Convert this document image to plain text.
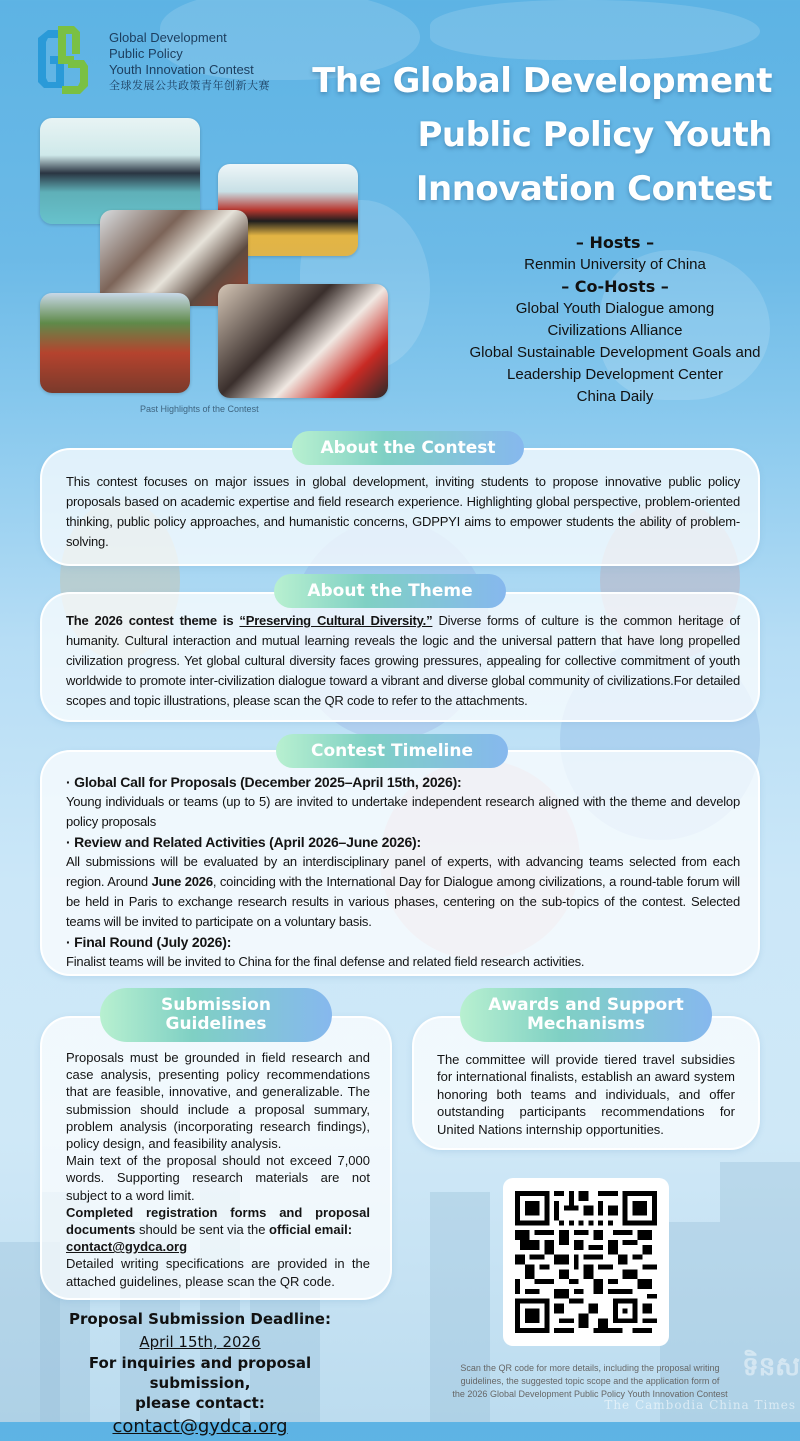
Global Development
Public Policy
Youth Innovation Contest
全球发展公共政策青年创新大赛 The Global Development
Public Policy Youth
Innovation Contest
Past Highlights of the Contest
– Hosts –
Renmin University of China
– Co-Hosts –
Global Youth Dialogue among
Civilizations Alliance
Global Sustainable Development Goals and
Leadership Development Center
China Daily
About the Contest
This contest focuses on major issues in global development, inviting students to propose innovative public policy proposals based on academic expertise and field research experience. Highlighting global perspective, problem-oriented thinking, public policy approaches, and humanistic concerns, GDPPYI aims to empower students the ability of problem-solving.
About the Theme
The 2026 contest theme is “Preserving Cultural Diversity.” Diverse forms of culture is the common heritage of humanity. Cultural interaction and mutual learning reveals the logic and the universal pattern that have long propelled civilization progress. Yet global cultural diversity faces growing pressures, appealing for collective commitment of youth worldwide to promote inter-civilization dialogue toward a vibrant and diverse global community of civilizations.For detailed scopes and topic illustrations, please scan the QR code to refer to the attachments.
Contest Timeline
· Global Call for Proposals (December 2025–April 15th, 2026):
Young individuals or teams (up to 5) are invited to undertake independent research aligned with the theme and develop policy proposals
· Review and Related Activities (April 2026–June 2026):
All submissions will be evaluated by an interdisciplinary panel of experts, with advancing teams selected from each region. Around June 2026, coinciding with the International Day for Dialogue among civilizations, a round-table forum will be held in Paris to exchange research results in various phases, centering on the sub-topics of the contest. Selected teams will be invited to participate on a voluntary basis.
· Final Round (July 2026):
Finalist teams will be invited to China for the final defense and related field research activities.
Submission
Guidelines
Proposals must be grounded in field research and case analysis, presenting policy recommendations that are feasible, innovative, and generalizable. The submission should include a proposal summary, problem analysis (incorporating research findings), policy design, and feasibility analysis.
Main text of the proposal should not exceed 7,000 words. Supporting research materials are not subject to a word limit.
Completed registration forms and proposal documents should be sent via the official email:
contact@gydca.org
Detailed writing specifications are provided in the attached guidelines, please scan the QR code.
Awards and Support
Mechanisms
The committee will provide tiered travel subsidies for international finalists, establish an award system honoring both teams and individuals, and offer outstanding participants recommendations for United Nations internship opportunities.
Proposal Submission Deadline:
April 15th, 2026
For inquiries and proposal submission,
please contact:
contact@gydca.org
Scan the QR code for more details, including the proposal writing
guidelines, the suggested topic scope and the application form of
the 2026 Global Development Public Policy Youth Innovation Contest
ទិនស
The Cambodia China Times
